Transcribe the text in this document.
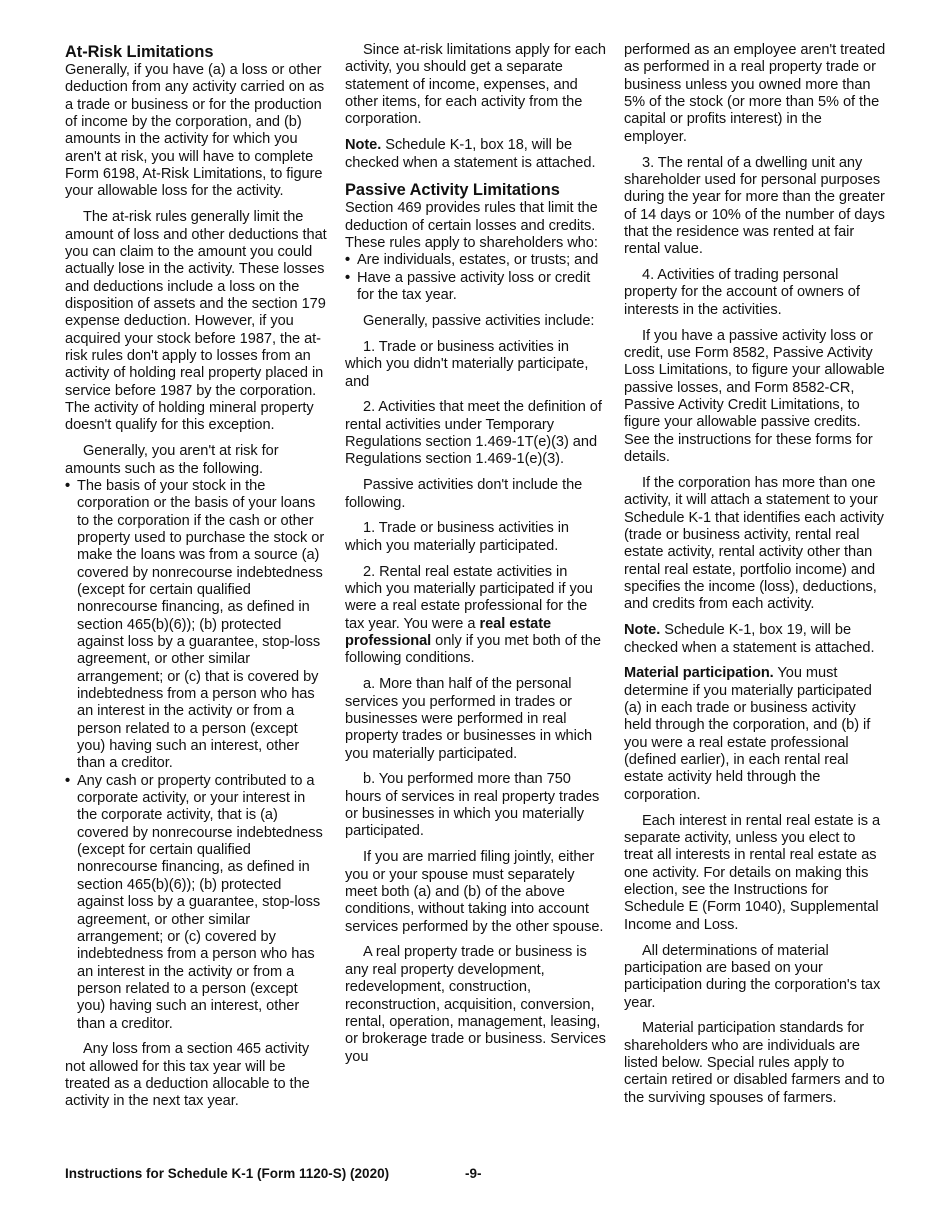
At-Risk Limitations

Generally, if you have (a) a loss or other deduction from any activity carried on as a trade or business or for the production of income by the corporation, and (b) amounts in the activity for which you aren't at risk, you will have to complete Form 6198, At-Risk Limitations, to figure your allowable loss for the activity.

The at-risk rules generally limit the amount of loss and other deductions that you can claim to the amount you could actually lose in the activity. These losses and deductions include a loss on the disposition of assets and the section 179 expense deduction. However, if you acquired your stock before 1987, the at-risk rules don't apply to losses from an activity of holding real property placed in service before 1987 by the corporation. The activity of holding mineral property doesn't qualify for this exception.

Generally, you aren't at risk for amounts such as the following.

• The basis of your stock in the corporation or the basis of your loans to the corporation if the cash or other property used to purchase the stock or make the loans was from a source (a) covered by nonrecourse indebtedness (except for certain qualified nonrecourse financing, as defined in section 465(b)(6)); (b) protected against loss by a guarantee, stop-loss agreement, or other similar arrangement; or (c) that is covered by indebtedness from a person who has an interest in the activity or from a person related to a person (except you) having such an interest, other than a creditor.
• Any cash or property contributed to a corporate activity, or your interest in the corporate activity, that is (a) covered by nonrecourse indebtedness (except for certain qualified nonrecourse financing, as defined in section 465(b)(6)); (b) protected against loss by a guarantee, stop-loss agreement, or other similar arrangement; or (c) covered by indebtedness from a person who has an interest in the activity or from a person related to a person (except you) having such an interest, other than a creditor.

Any loss from a section 465 activity not allowed for this tax year will be treated as a deduction allocable to the activity in the next tax year.

Since at-risk limitations apply for each activity, you should get a separate statement of income, expenses, and other items, for each activity from the corporation.

Note. Schedule K-1, box 18, will be checked when a statement is attached.

Passive Activity Limitations

Section 469 provides rules that limit the deduction of certain losses and credits. These rules apply to shareholders who:

• Are individuals, estates, or trusts; and
• Have a passive activity loss or credit for the tax year.

Generally, passive activities include:

1. Trade or business activities in which you didn't materially participate, and

2. Activities that meet the definition of rental activities under Temporary Regulations section 1.469-1T(e)(3) and Regulations section 1.469-1(e)(3).

Passive activities don't include the following.

1. Trade or business activities in which you materially participated.

2. Rental real estate activities in which you materially participated if you were a real estate professional for the tax year. You were a real estate professional only if you met both of the following conditions.

a. More than half of the personal services you performed in trades or businesses were performed in real property trades or businesses in which you materially participated.

b. You performed more than 750 hours of services in real property trades or businesses in which you materially participated.

If you are married filing jointly, either you or your spouse must separately meet both (a) and (b) of the above conditions, without taking into account services performed by the other spouse.

A real property trade or business is any real property development, redevelopment, construction, reconstruction, acquisition, conversion, rental, operation, management, leasing, or brokerage trade or business. Services you

performed as an employee aren't treated as performed in a real property trade or business unless you owned more than 5% of the stock (or more than 5% of the capital or profits interest) in the employer.

3. The rental of a dwelling unit any shareholder used for personal purposes during the year for more than the greater of 14 days or 10% of the number of days that the residence was rented at fair rental value.

4. Activities of trading personal property for the account of owners of interests in the activities.

If you have a passive activity loss or credit, use Form 8582, Passive Activity Loss Limitations, to figure your allowable passive losses, and Form 8582-CR, Passive Activity Credit Limitations, to figure your allowable passive credits. See the instructions for these forms for details.

If the corporation has more than one activity, it will attach a statement to your Schedule K-1 that identifies each activity (trade or business activity, rental real estate activity, rental activity other than rental real estate, portfolio income) and specifies the income (loss), deductions, and credits from each activity.

Note. Schedule K-1, box 19, will be checked when a statement is attached.

Material participation. You must determine if you materially participated (a) in each trade or business activity held through the corporation, and (b) if you were a real estate professional (defined earlier), in each rental real estate activity held through the corporation.

Each interest in rental real estate is a separate activity, unless you elect to treat all interests in rental real estate as one activity. For details on making this election, see the Instructions for Schedule E (Form 1040), Supplemental Income and Loss.

All determinations of material participation are based on your participation during the corporation's tax year.

Material participation standards for shareholders who are individuals are listed below. Special rules apply to certain retired or disabled farmers and to the surviving spouses of farmers.

Instructions for Schedule K-1 (Form 1120-S) (2020)	-9-
